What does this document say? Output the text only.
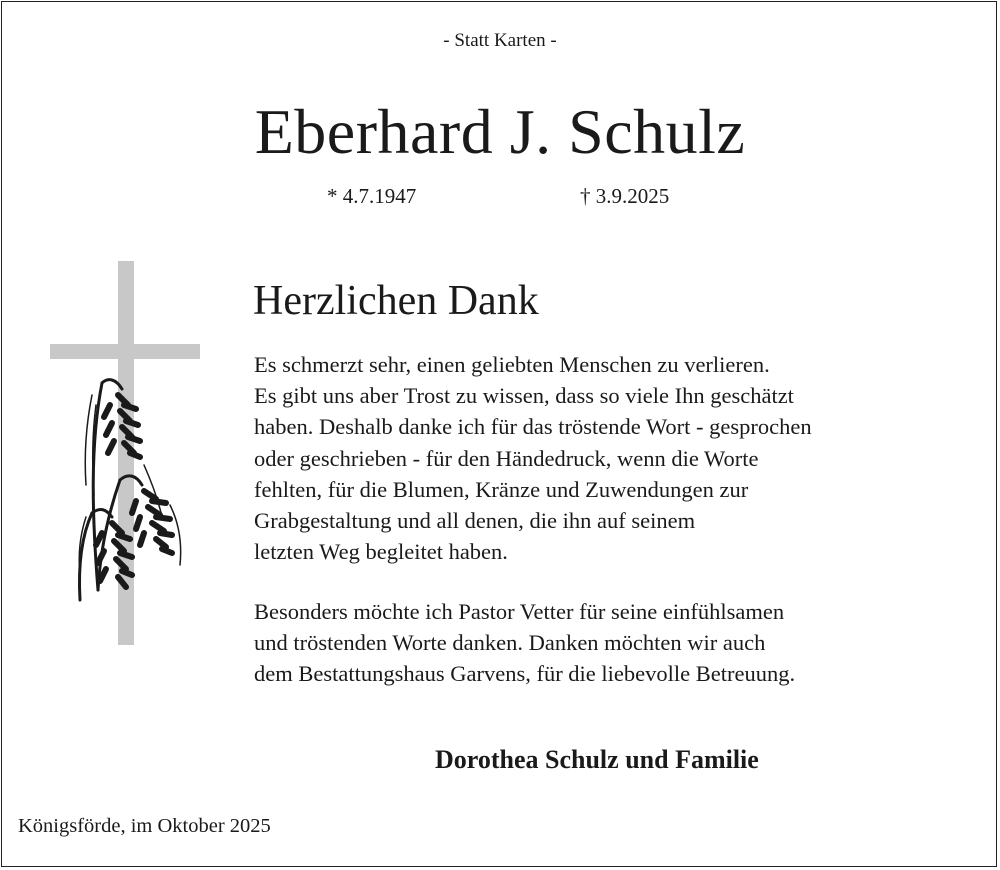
- Statt Karten -
Eberhard J. Schulz
* 4.7.1947	† 3.9.2025
Herzlichen Dank
Es schmerzt sehr, einen geliebten Menschen zu verlieren.
Es gibt uns aber Trost zu wissen, dass so viele Ihn geschätzt
haben. Deshalb danke ich für das tröstende Wort - gesprochen
oder geschrieben - für den Händedruck, wenn die Worte
fehlten, für die Blumen, Kränze und Zuwendungen zur
Grabgestaltung und all denen, die ihn auf seinem
letzten Weg begleitet haben.
Besonders möchte ich Pastor Vetter für seine einfühlsamen
und tröstenden Worte danken. Danken möchten wir auch
dem Bestattungshaus Garvens, für die liebevolle Betreuung.
Dorothea Schulz und Familie
Königsförde, im Oktober 2025
